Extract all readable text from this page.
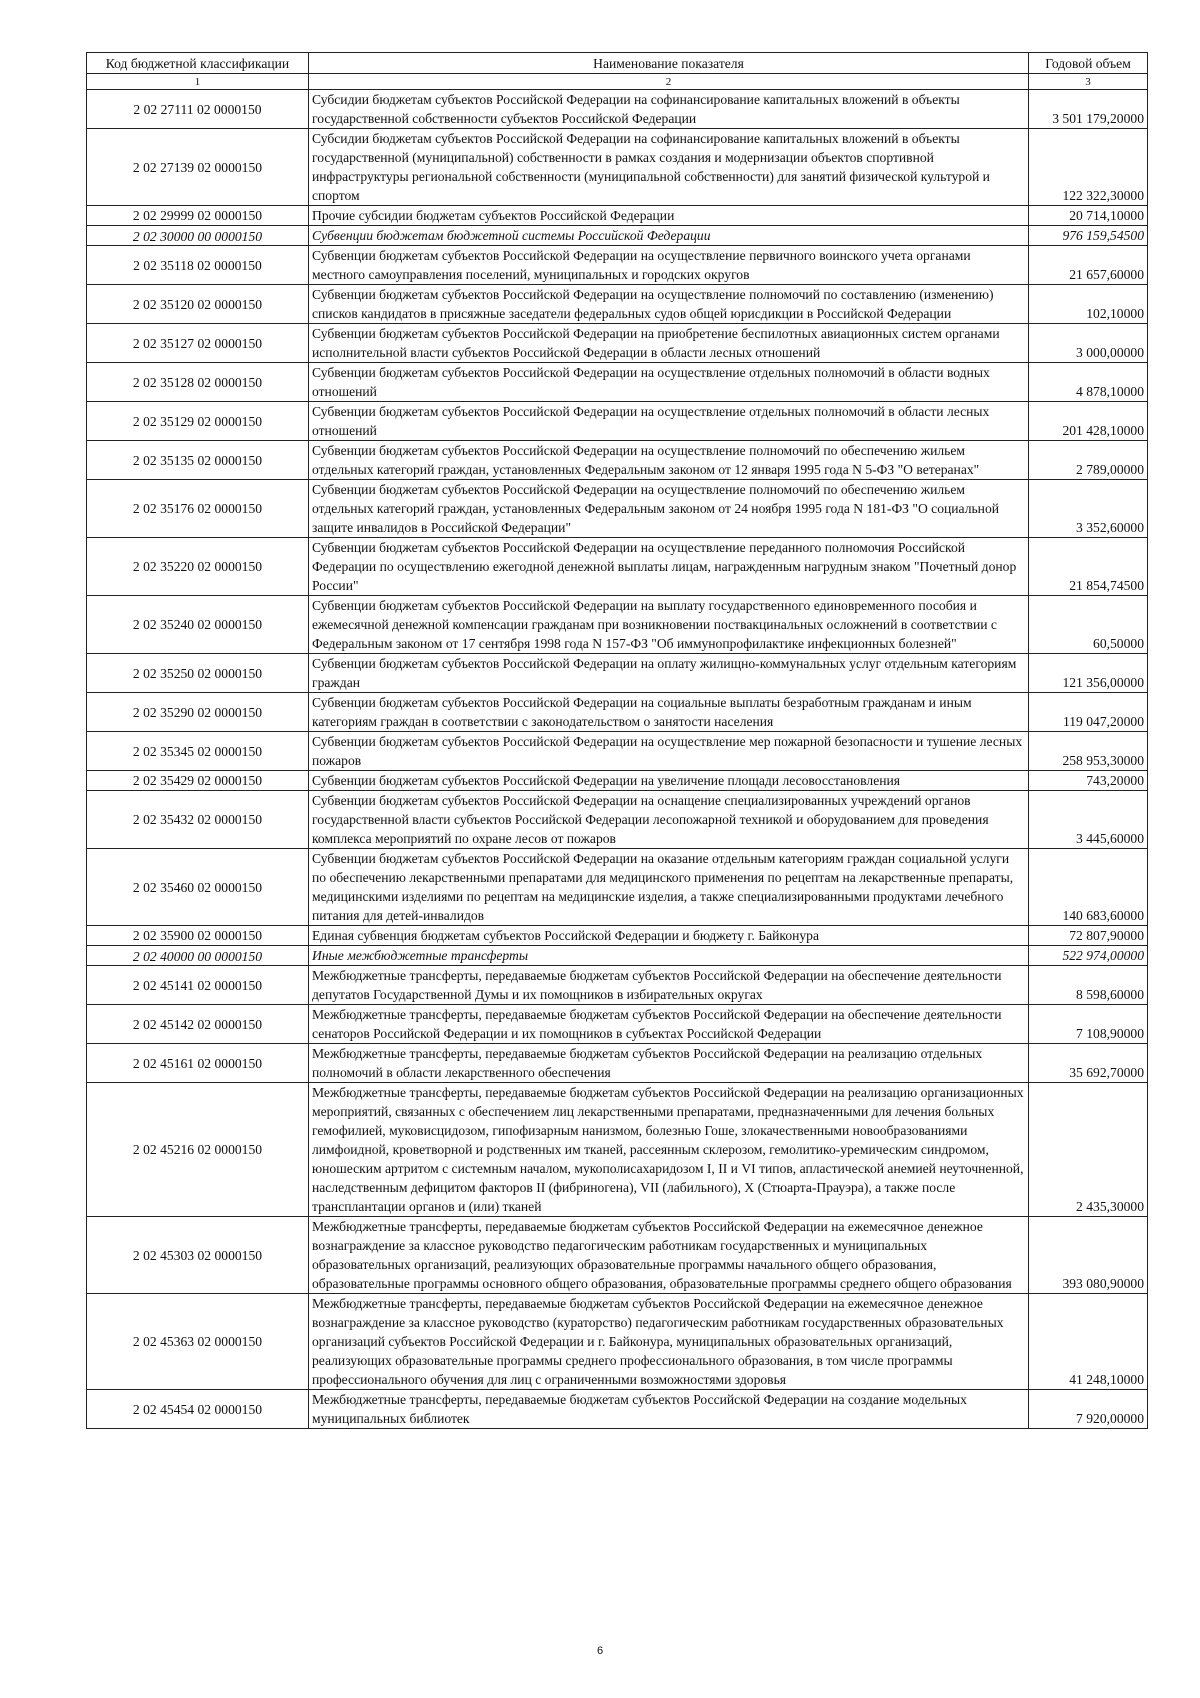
Код бюджетной классификации	Наименование показателя	Годовой объем
1	2	3
2 02 27111 02 0000150	Субсидии бюджетам субъектов Российской Федерации на софинансирование капитальных вложений в объекты государственной собственности субъектов Российской Федерации	3 501 179,20000
2 02 27139 02 0000150	Субсидии бюджетам субъектов Российской Федерации на софинансирование капитальных вложений в объекты государственной (муниципальной) собственности в рамках создания и модернизации объектов спортивной инфраструктуры региональной собственности (муниципальной собственности) для занятий физической культурой и спортом	122 322,30000
2 02 29999 02 0000150	Прочие субсидии бюджетам субъектов Российской Федерации	20 714,10000
2 02 30000 00 0000150	Субвенции бюджетам бюджетной системы Российской Федерации	976 159,54500
2 02 35118 02 0000150	Субвенции бюджетам субъектов Российской Федерации на осуществление первичного воинского учета органами местного самоуправления поселений, муниципальных и городских округов	21 657,60000
2 02 35120 02 0000150	Субвенции бюджетам субъектов Российской Федерации на осуществление полномочий по составлению (изменению) списков кандидатов в присяжные заседатели федеральных судов общей юрисдикции в Российской Федерации	102,10000
2 02 35127 02 0000150	Субвенции бюджетам субъектов Российской Федерации на приобретение беспилотных авиационных систем органами исполнительной власти субъектов Российской Федерации в области лесных отношений	3 000,00000
2 02 35128 02 0000150	Субвенции бюджетам субъектов Российской Федерации на осуществление отдельных полномочий в области водных отношений	4 878,10000
2 02 35129 02 0000150	Субвенции бюджетам субъектов Российской Федерации на осуществление отдельных полномочий в области лесных отношений	201 428,10000
2 02 35135 02 0000150	Субвенции бюджетам субъектов Российской Федерации на осуществление полномочий по обеспечению жильем отдельных категорий граждан, установленных Федеральным законом от 12 января 1995 года N 5-ФЗ "О ветеранах"	2 789,00000
2 02 35176 02 0000150	Субвенции бюджетам субъектов Российской Федерации на осуществление полномочий по обеспечению жильем отдельных категорий граждан, установленных Федеральным законом от 24 ноября 1995 года N 181-ФЗ "О социальной защите инвалидов в Российской Федерации"	3 352,60000
2 02 35220 02 0000150	Субвенции бюджетам субъектов Российской Федерации на осуществление переданного полномочия Российской Федерации по осуществлению ежегодной денежной выплаты лицам, награжденным нагрудным знаком "Почетный донор России"	21 854,74500
2 02 35240 02 0000150	Субвенции бюджетам субъектов Российской Федерации на выплату государственного единовременного пособия и ежемесячной денежной компенсации гражданам при возникновении поствакцинальных осложнений в соответствии с Федеральным законом от 17 сентября 1998 года N 157-ФЗ "Об иммунопрофилактике инфекционных болезней"	60,50000
2 02 35250 02 0000150	Субвенции бюджетам субъектов Российской Федерации на оплату жилищно-коммунальных услуг отдельным категориям граждан	121 356,00000
2 02 35290 02 0000150	Субвенции бюджетам субъектов Российской Федерации на социальные выплаты безработным гражданам и иным категориям граждан в соответствии с законодательством о занятости населения	119 047,20000
2 02 35345 02 0000150	Субвенции бюджетам субъектов Российской Федерации на осуществление мер пожарной безопасности и тушение лесных пожаров	258 953,30000
2 02 35429 02 0000150	Субвенции бюджетам субъектов Российской Федерации на увеличение площади лесовосстановления	743,20000
2 02 35432 02 0000150	Субвенции бюджетам субъектов Российской Федерации на оснащение специализированных учреждений органов государственной власти субъектов Российской Федерации лесопожарной техникой и оборудованием для проведения комплекса мероприятий по охране лесов от пожаров	3 445,60000
2 02 35460 02 0000150	Субвенции бюджетам субъектов Российской Федерации на оказание отдельным категориям граждан социальной услуги по обеспечению лекарственными препаратами для медицинского применения по рецептам на лекарственные препараты, медицинскими изделиями по рецептам на медицинские изделия, а также специализированными продуктами лечебного питания для детей-инвалидов	140 683,60000
2 02 35900 02 0000150	Единая субвенция бюджетам субъектов Российской Федерации и бюджету г. Байконура	72 807,90000
2 02 40000 00 0000150	Иные межбюджетные трансферты	522 974,00000
2 02 45141 02 0000150	Межбюджетные трансферты, передаваемые бюджетам субъектов Российской Федерации на обеспечение деятельности депутатов Государственной Думы и их помощников в избирательных округах	8 598,60000
2 02 45142 02 0000150	Межбюджетные трансферты, передаваемые бюджетам субъектов Российской Федерации на обеспечение деятельности сенаторов Российской Федерации и их помощников в субъектах Российской Федерации	7 108,90000
2 02 45161 02 0000150	Межбюджетные трансферты, передаваемые бюджетам субъектов Российской Федерации на реализацию отдельных полномочий в области лекарственного обеспечения	35 692,70000
2 02 45216 02 0000150	Межбюджетные трансферты, передаваемые бюджетам субъектов Российской Федерации на реализацию организационных мероприятий, связанных с обеспечением лиц лекарственными препаратами, предназначенными для лечения больных гемофилией, муковисцидозом, гипофизарным нанизмом, болезнью Гоше, злокачественными новообразованиями лимфоидной, кроветворной и родственных им тканей, рассеянным склерозом, гемолитико-уремическим синдромом, юношеским артритом с системным началом, мукополисахаридозом I, II и VI типов, апластической анемией неуточненной, наследственным дефицитом факторов II (фибриногена), VII (лабильного), X (Стюарта-Прауэра), а также после трансплантации органов и (или) тканей	2 435,30000
2 02 45303 02 0000150	Межбюджетные трансферты, передаваемые бюджетам субъектов Российской Федерации на ежемесячное денежное вознаграждение за классное руководство педагогическим работникам государственных и муниципальных образовательных организаций, реализующих образовательные программы начального общего образования, образовательные программы основного общего образования, образовательные программы среднего общего образования	393 080,90000
2 02 45363 02 0000150	Межбюджетные трансферты, передаваемые бюджетам субъектов Российской Федерации на ежемесячное денежное вознаграждение за классное руководство (кураторство) педагогическим работникам государственных образовательных организаций субъектов Российской Федерации и г. Байконура, муниципальных образовательных организаций, реализующих образовательные программы среднего профессионального образования, в том числе программы профессионального обучения для лиц с ограниченными возможностями здоровья	41 248,10000
2 02 45454 02 0000150	Межбюджетные трансферты, передаваемые бюджетам субъектов Российской Федерации на создание модельных муниципальных библиотек	7 920,00000
6
